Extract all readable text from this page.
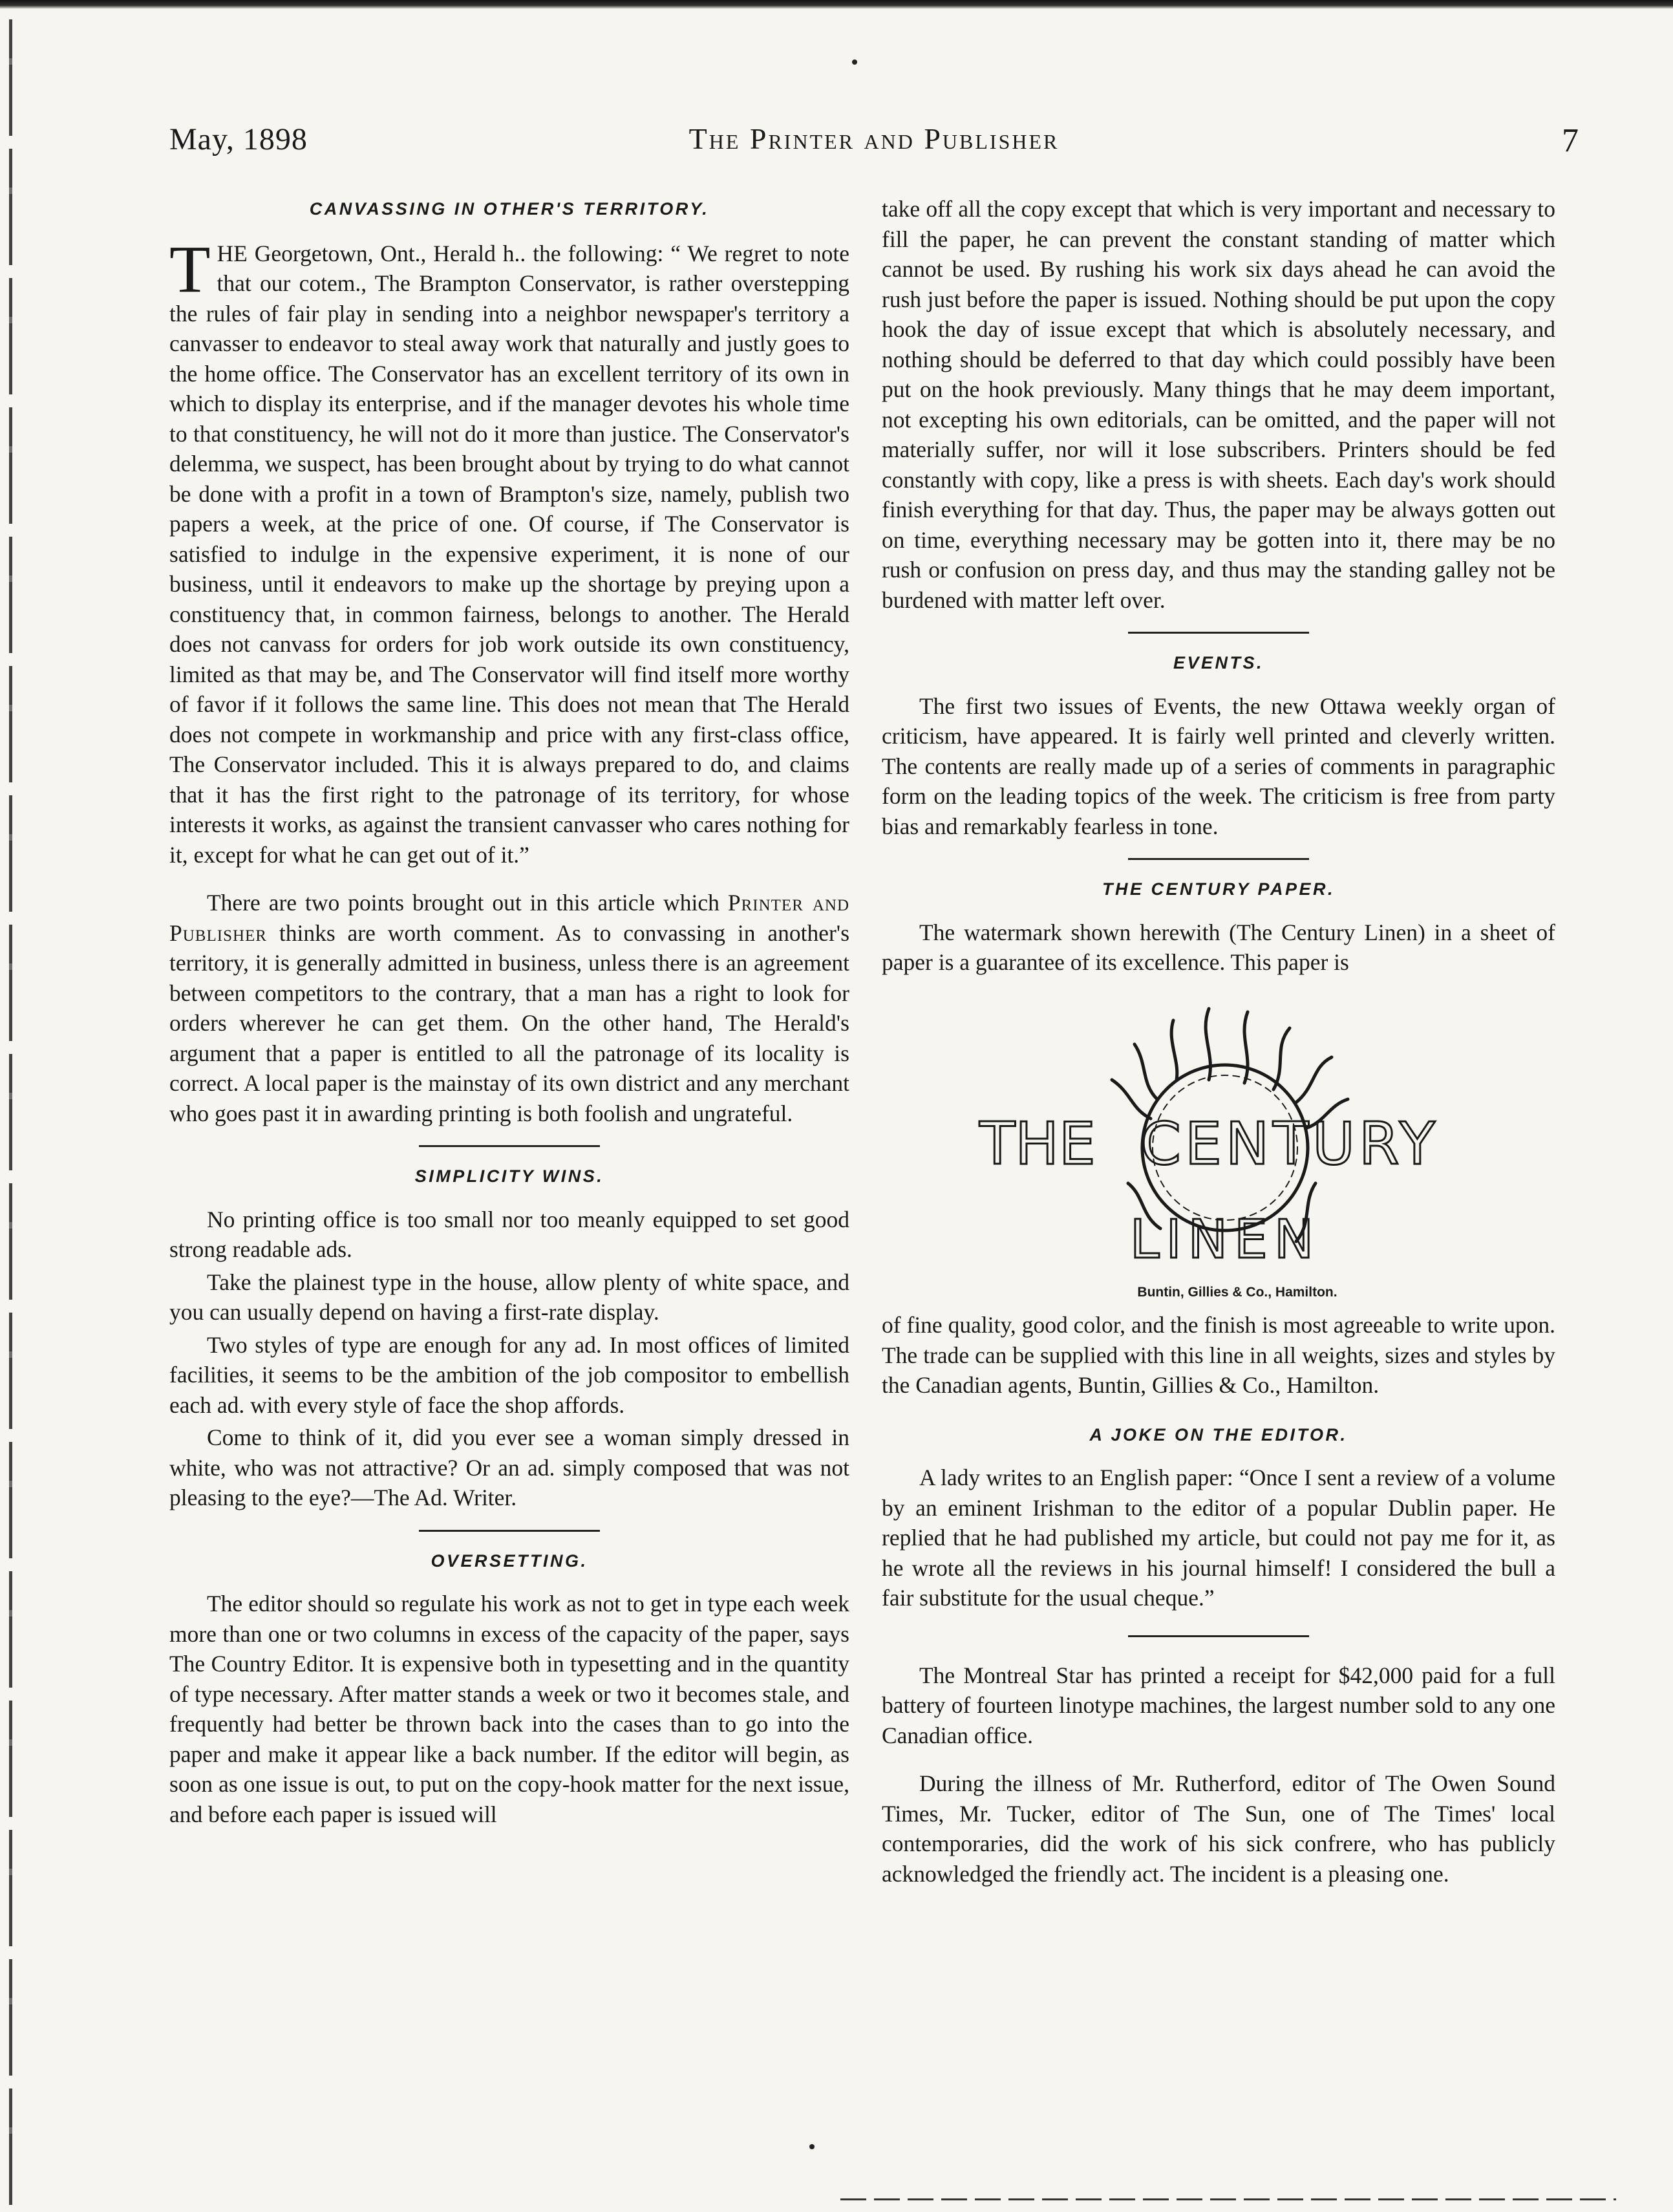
May, 1898	The Printer and Publisher	7
CANVASSING IN OTHER'S TERRITORY.

THE Georgetown, Ont., Herald h.. the following: “ We regret to note that our cotem., The Brampton Conservator, is rather overstepping the rules of fair play in sending into a neighbor newspaper's territory a canvasser to endeavor to steal away work that naturally and justly goes to the home office. The Conservator has an excellent territory of its own in which to display its enterprise, and if the manager devotes his whole time to that constituency, he will not do it more than justice. The Conservator's delemma, we suspect, has been brought about by trying to do what cannot be done with a profit in a town of Brampton's size, namely, publish two papers a week, at the price of one. Of course, if The Conservator is satisfied to indulge in the expensive experiment, it is none of our business, until it endeavors to make up the shortage by preying upon a constituency that, in common fairness, belongs to another. The Herald does not canvass for orders for job work outside its own constituency, limited as that may be, and The Conservator will find itself more worthy of favor if it follows the same line. This does not mean that The Herald does not compete in workmanship and price with any first-class office, The Conservator included. This it is always prepared to do, and claims that it has the first right to the patronage of its territory, for whose interests it works, as against the transient canvasser who cares nothing for it, except for what he can get out of it.”

There are two points brought out in this article which Printer and Publisher thinks are worth comment. As to convassing in another's territory, it is generally admitted in business, unless there is an agreement between competitors to the contrary, that a man has a right to look for orders wherever he can get them. On the other hand, The Herald's argument that a paper is entitled to all the patronage of its locality is correct. A local paper is the mainstay of its own district and any merchant who goes past it in awarding printing is both foolish and ungrateful.

SIMPLICITY WINS.

No printing office is too small nor too meanly equipped to set good strong readable ads.

Take the plainest type in the house, allow plenty of white space, and you can usually depend on having a first-rate display.

Two styles of type are enough for any ad. In most offices of limited facilities, it seems to be the ambition of the job compositor to embellish each ad. with every style of face the shop affords.

Come to think of it, did you ever see a woman simply dressed in white, who was not attractive? Or an ad. simply composed that was not pleasing to the eye?—The Ad. Writer.

OVERSETTING.

The editor should so regulate his work as not to get in type each week more than one or two columns in excess of the capacity of the paper, says The Country Editor. It is expensive both in typesetting and in the quantity of type necessary. After matter stands a week or two it becomes stale, and frequently had better be thrown back into the cases than to go into the paper and make it appear like a back number. If the editor will begin, as soon as one issue is out, to put on the copy-hook matter for the next issue, and before each paper is issued will

take off all the copy except that which is very important and necessary to fill the paper, he can prevent the constant standing of matter which cannot be used. By rushing his work six days ahead he can avoid the rush just before the paper is issued. Nothing should be put upon the copy hook the day of issue except that which is absolutely necessary, and nothing should be deferred to that day which could possibly have been put on the hook previously. Many things that he may deem important, not excepting his own editorials, can be omitted, and the paper will not materially suffer, nor will it lose subscribers. Printers should be fed constantly with copy, like a press is with sheets. Each day's work should finish everything for that day. Thus, the paper may be always gotten out on time, everything necessary may be gotten into it, there may be no rush or confusion on press day, and thus may the standing galley not be burdened with matter left over.

EVENTS.

The first two issues of Events, the new Ottawa weekly organ of criticism, have appeared. It is fairly well printed and cleverly written. The contents are really made up of a series of comments in paragraphic form on the leading topics of the week. The criticism is free from party bias and remarkably fearless in tone.

THE CENTURY PAPER.

The watermark shown herewith (The Century Linen) in a sheet of paper is a guarantee of its excellence. This paper is

THE CENTURY
LINEN

Buntin, Gillies & Co., Hamilton.

of fine quality, good color, and the finish is most agreeable to write upon. The trade can be supplied with this line in all weights, sizes and styles by the Canadian agents, Buntin, Gillies & Co., Hamilton.

A JOKE ON THE EDITOR.

A lady writes to an English paper: “Once I sent a review of a volume by an eminent Irishman to the editor of a popular Dublin paper. He replied that he had published my article, but could not pay me for it, as he wrote all the reviews in his journal himself! I considered the bull a fair substitute for the usual cheque.”

The Montreal Star has printed a receipt for $42,000 paid for a full battery of fourteen linotype machines, the largest number sold to any one Canadian office.

During the illness of Mr. Rutherford, editor of The Owen Sound Times, Mr. Tucker, editor of The Sun, one of The Times' local contemporaries, did the work of his sick confrere, who has publicly acknowledged the friendly act. The incident is a pleasing one.
